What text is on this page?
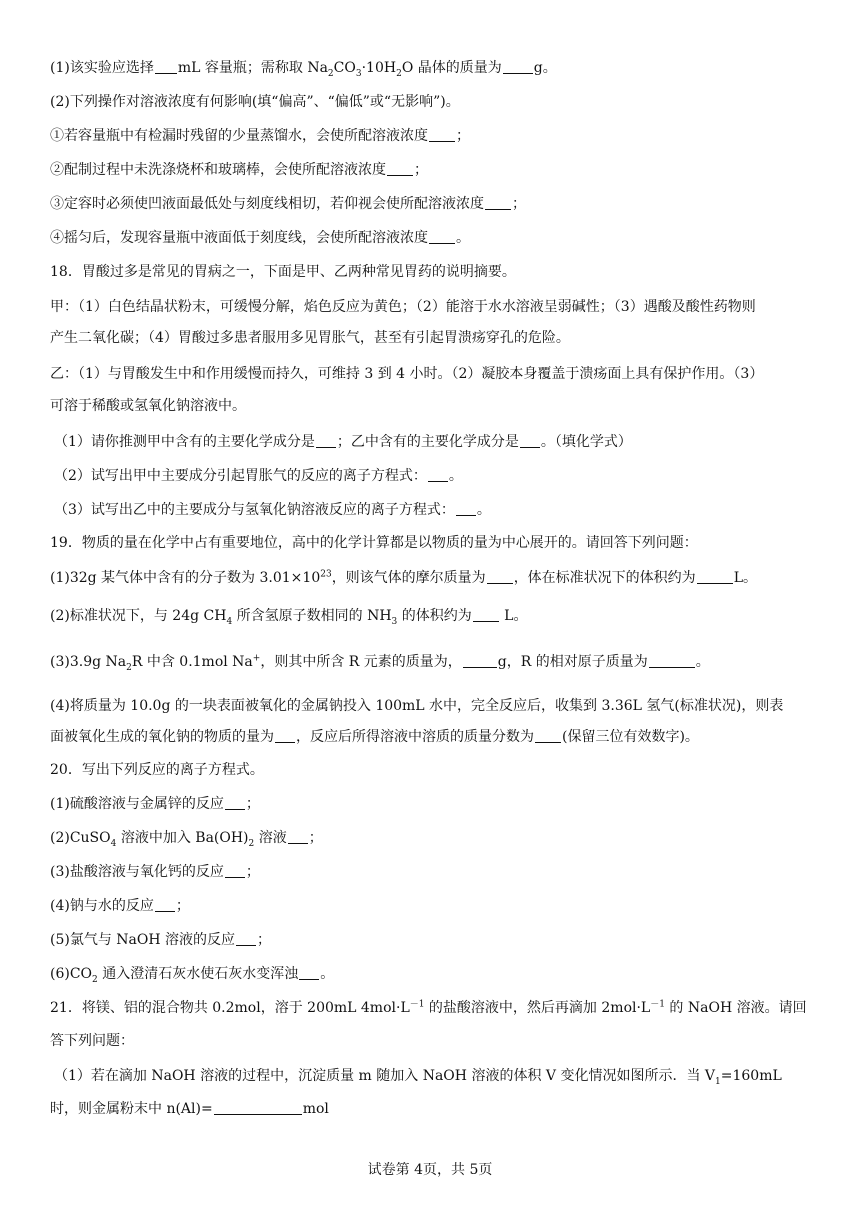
(1)该实验应选择 mL 容量瓶；需称取 $Na_2CO_3\cdot 10H_2O$ 晶体的质量为 g。
(2)下列操作对溶液浓度有何影响(填“偏高”、“偏低”或“无影响”)。
①若容量瓶中有检漏时残留的少量蒸馏水，会使所配溶液浓度 ；
②配制过程中未洗涤烧杯和玻璃棒，会使所配溶液浓度 ；
③定容时必须使凹液面最低处与刻度线相切，若仰视会使所配溶液浓度 ；
④摇匀后，发现容量瓶中液面低于刻度线，会使所配溶液浓度 。
18．胃酸过多是常见的胃病之一，下面是甲、乙两种常见胃药的说明摘要。
甲：（1）白色结晶状粉末，可缓慢分解，焰色反应为黄色；（2）能溶于水水溶液呈弱碱性；（3）遇酸及酸性药物则
产生二氧化碳；（4）胃酸过多患者服用多见胃胀气，甚至有引起胃溃疡穿孔的危险。
乙：（1）与胃酸发生中和作用缓慢而持久，可维持 3 到 4 小时。（2）凝胶本身覆盖于溃疡面上具有保护作用。（3）
可溶于稀酸或氢氧化钠溶液中。
（1）请你推测甲中含有的主要化学成分是 ；乙中含有的主要化学成分是 。（填化学式）
（2）试写出甲中主要成分引起胃胀气的反应的离子方程式： 。
（3）试写出乙中的主要成分与氢氧化钠溶液反应的离子方程式： 。
19．物质的量在化学中占有重要地位，高中的化学计算都是以物质的量为中心展开的。请回答下列问题：
(1)32g 某气体中含有的分子数为 $3.01\times 10^{23}$，则该气体的摩尔质量为 ，体在标准状况下的体积约为	L。
(2)标准状况下，与 24g $CH_4$ 所含氢原子数相同的 $NH_3$ 的体积约为 L。
(3)3.9g $Na_2R$ 中含 0.1mol Na+，则其中所含 R 元素的质量为，	g，R 的相对原子质量为	。
(4)将质量为 10.0g 的一块表面被氧化的金属钠投入 100mL 水中，完全反应后，收集到 3.36L 氢气(标准状况)，则表
面被氧化生成的氧化钠的物质的量为 ，反应后所得溶液中溶质的质量分数为 (保留三位有效数字)。
20．写出下列反应的离子方程式。
(1)硫酸溶液与金属锌的反应 ；
(2)CuSO$_4$ 溶液中加入 $Ba(OH)_2$ 溶液 ；
(3)盐酸溶液与氧化钙的反应 ；
(4)钠与水的反应 ；
(5)氯气与 NaOH 溶液的反应 ；
$(6)CO_2$ 通入澄清石灰水使石灰水变浑浊 。
21．将镁、铝的混合物共 0.2mol，溶于 200mL $4mol\cdot L^{-1}$ 的盐酸溶液中，然后再滴加 $2mol\cdot L^{-1}$ 的 NaOH 溶液。请回
答下列问题：
（1）若在滴加 NaOH 溶液的过程中，沉淀质量 m 随加入 NaOH 溶液的体积 V 变化情况如图所示．当 $V_1=160mL$
时，则金属粉末中 n(Al)=	mol
试卷第 4页，共 5页
